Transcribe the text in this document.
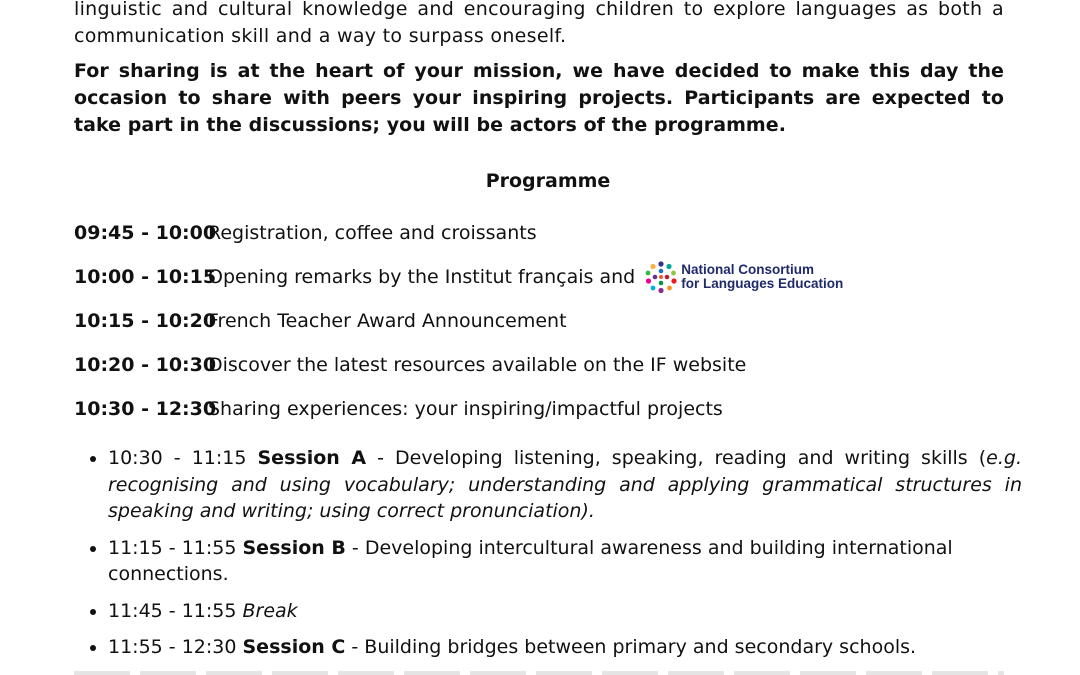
linguistic and cultural knowledge and encouraging children to explore languages as both a
communication skill and a way to surpass oneself.

For sharing is at the heart of your mission, we have decided to make this day the occasion to share with peers your inspiring projects. Participants are expected to take part in the discussions; you will be actors of the programme.

Programme

09:45 - 10:00
Registration, coffee and croissants
10:00 - 10:15
Opening remarks by the Institut français and	National Consortium
for Languages Education
10:15 - 10:20
French Teacher Award Announcement
10:20 - 10:30
Discover the latest resources available on the IF website
10:30 - 12:30
Sharing experiences: your inspiring/impactful projects
10:30 - 11:15 Session A - Developing listening, speaking, reading and writing skills (e.g. recognising and using vocabulary; understanding and applying grammatical structures in speaking and writing; using correct pronunciation).
11:15 - 11:55 Session B - Developing intercultural awareness and building international connections.
11:45 - 11:55 Break
11:55 - 12:30 Session C - Building bridges between primary and secondary schools.
